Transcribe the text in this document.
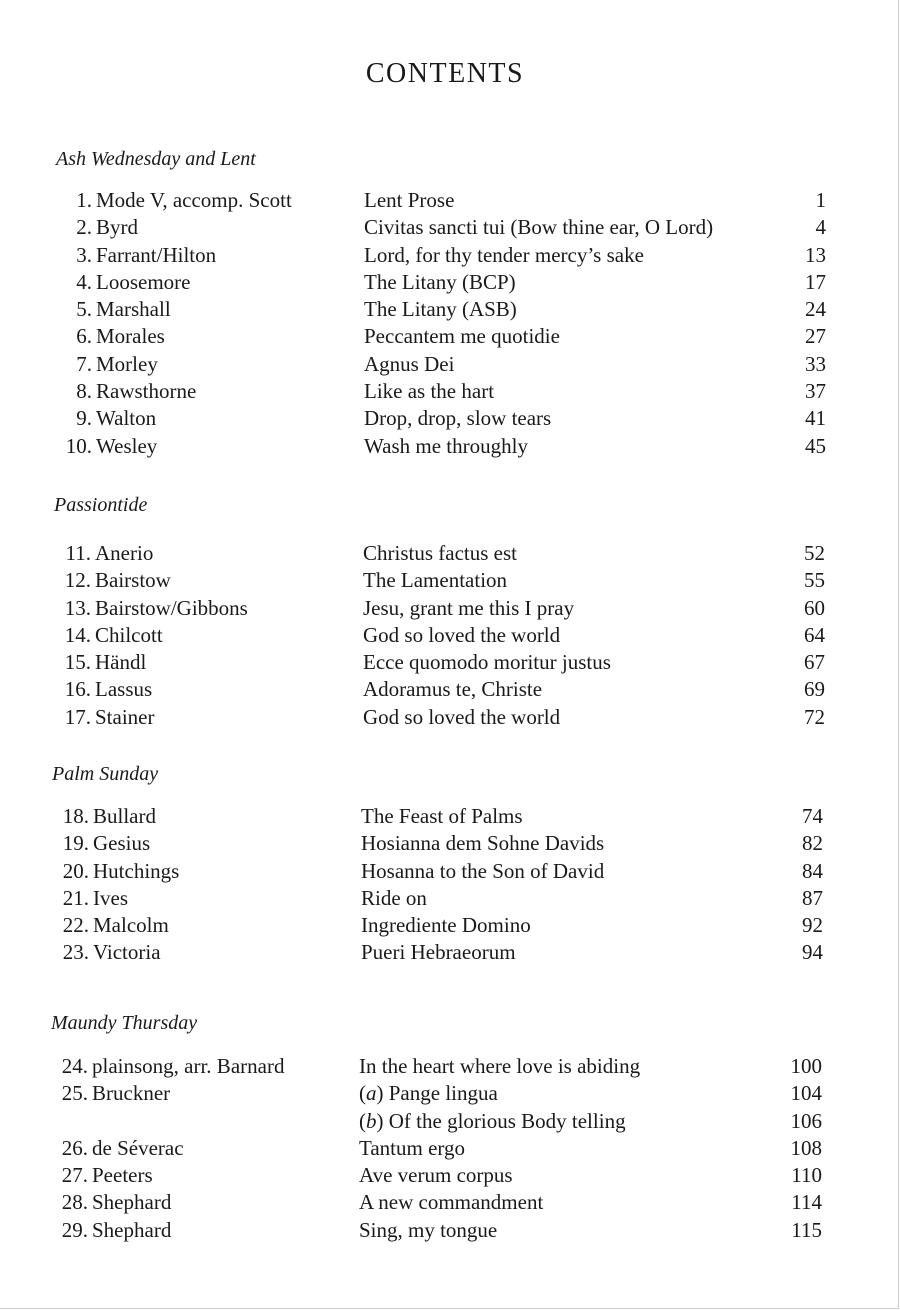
CONTENTS
Ash Wednesday and Lent
1. Mode V, accomp. Scott	Lent Prose	1
2. Byrd	Civitas sancti tui (Bow thine ear, O Lord)	4
3. Farrant/Hilton	Lord, for thy tender mercy’s sake	13
4. Loosemore	The Litany (BCP)	17
5. Marshall	The Litany (ASB)	24
6. Morales	Peccantem me quotidie	27
7. Morley	Agnus Dei	33
8. Rawsthorne	Like as the hart	37
9. Walton	Drop, drop, slow tears	41
10. Wesley	Wash me throughly	45
Passiontide
11. Anerio	Christus factus est	52
12. Bairstow	The Lamentation	55
13. Bairstow/Gibbons	Jesu, grant me this I pray	60
14. Chilcott	God so loved the world	64
15. Händl	Ecce quomodo moritur justus	67
16. Lassus	Adoramus te, Christe	69
17. Stainer	God so loved the world	72
Palm Sunday
18. Bullard	The Feast of Palms	74
19. Gesius	Hosianna dem Sohne Davids	82
20. Hutchings	Hosanna to the Son of David	84
21. Ives	Ride on	87
22. Malcolm	Ingrediente Domino	92
23. Victoria	Pueri Hebraeorum	94
Maundy Thursday
24. plainsong, arr. Barnard	In the heart where love is abiding	100
25. Bruckner	(a) Pange lingua	104
(b) Of the glorious Body telling	106
26. de Séverac	Tantum ergo	108
27. Peeters	Ave verum corpus	110
28. Shephard	A new commandment	114
29. Shephard	Sing, my tongue	115
